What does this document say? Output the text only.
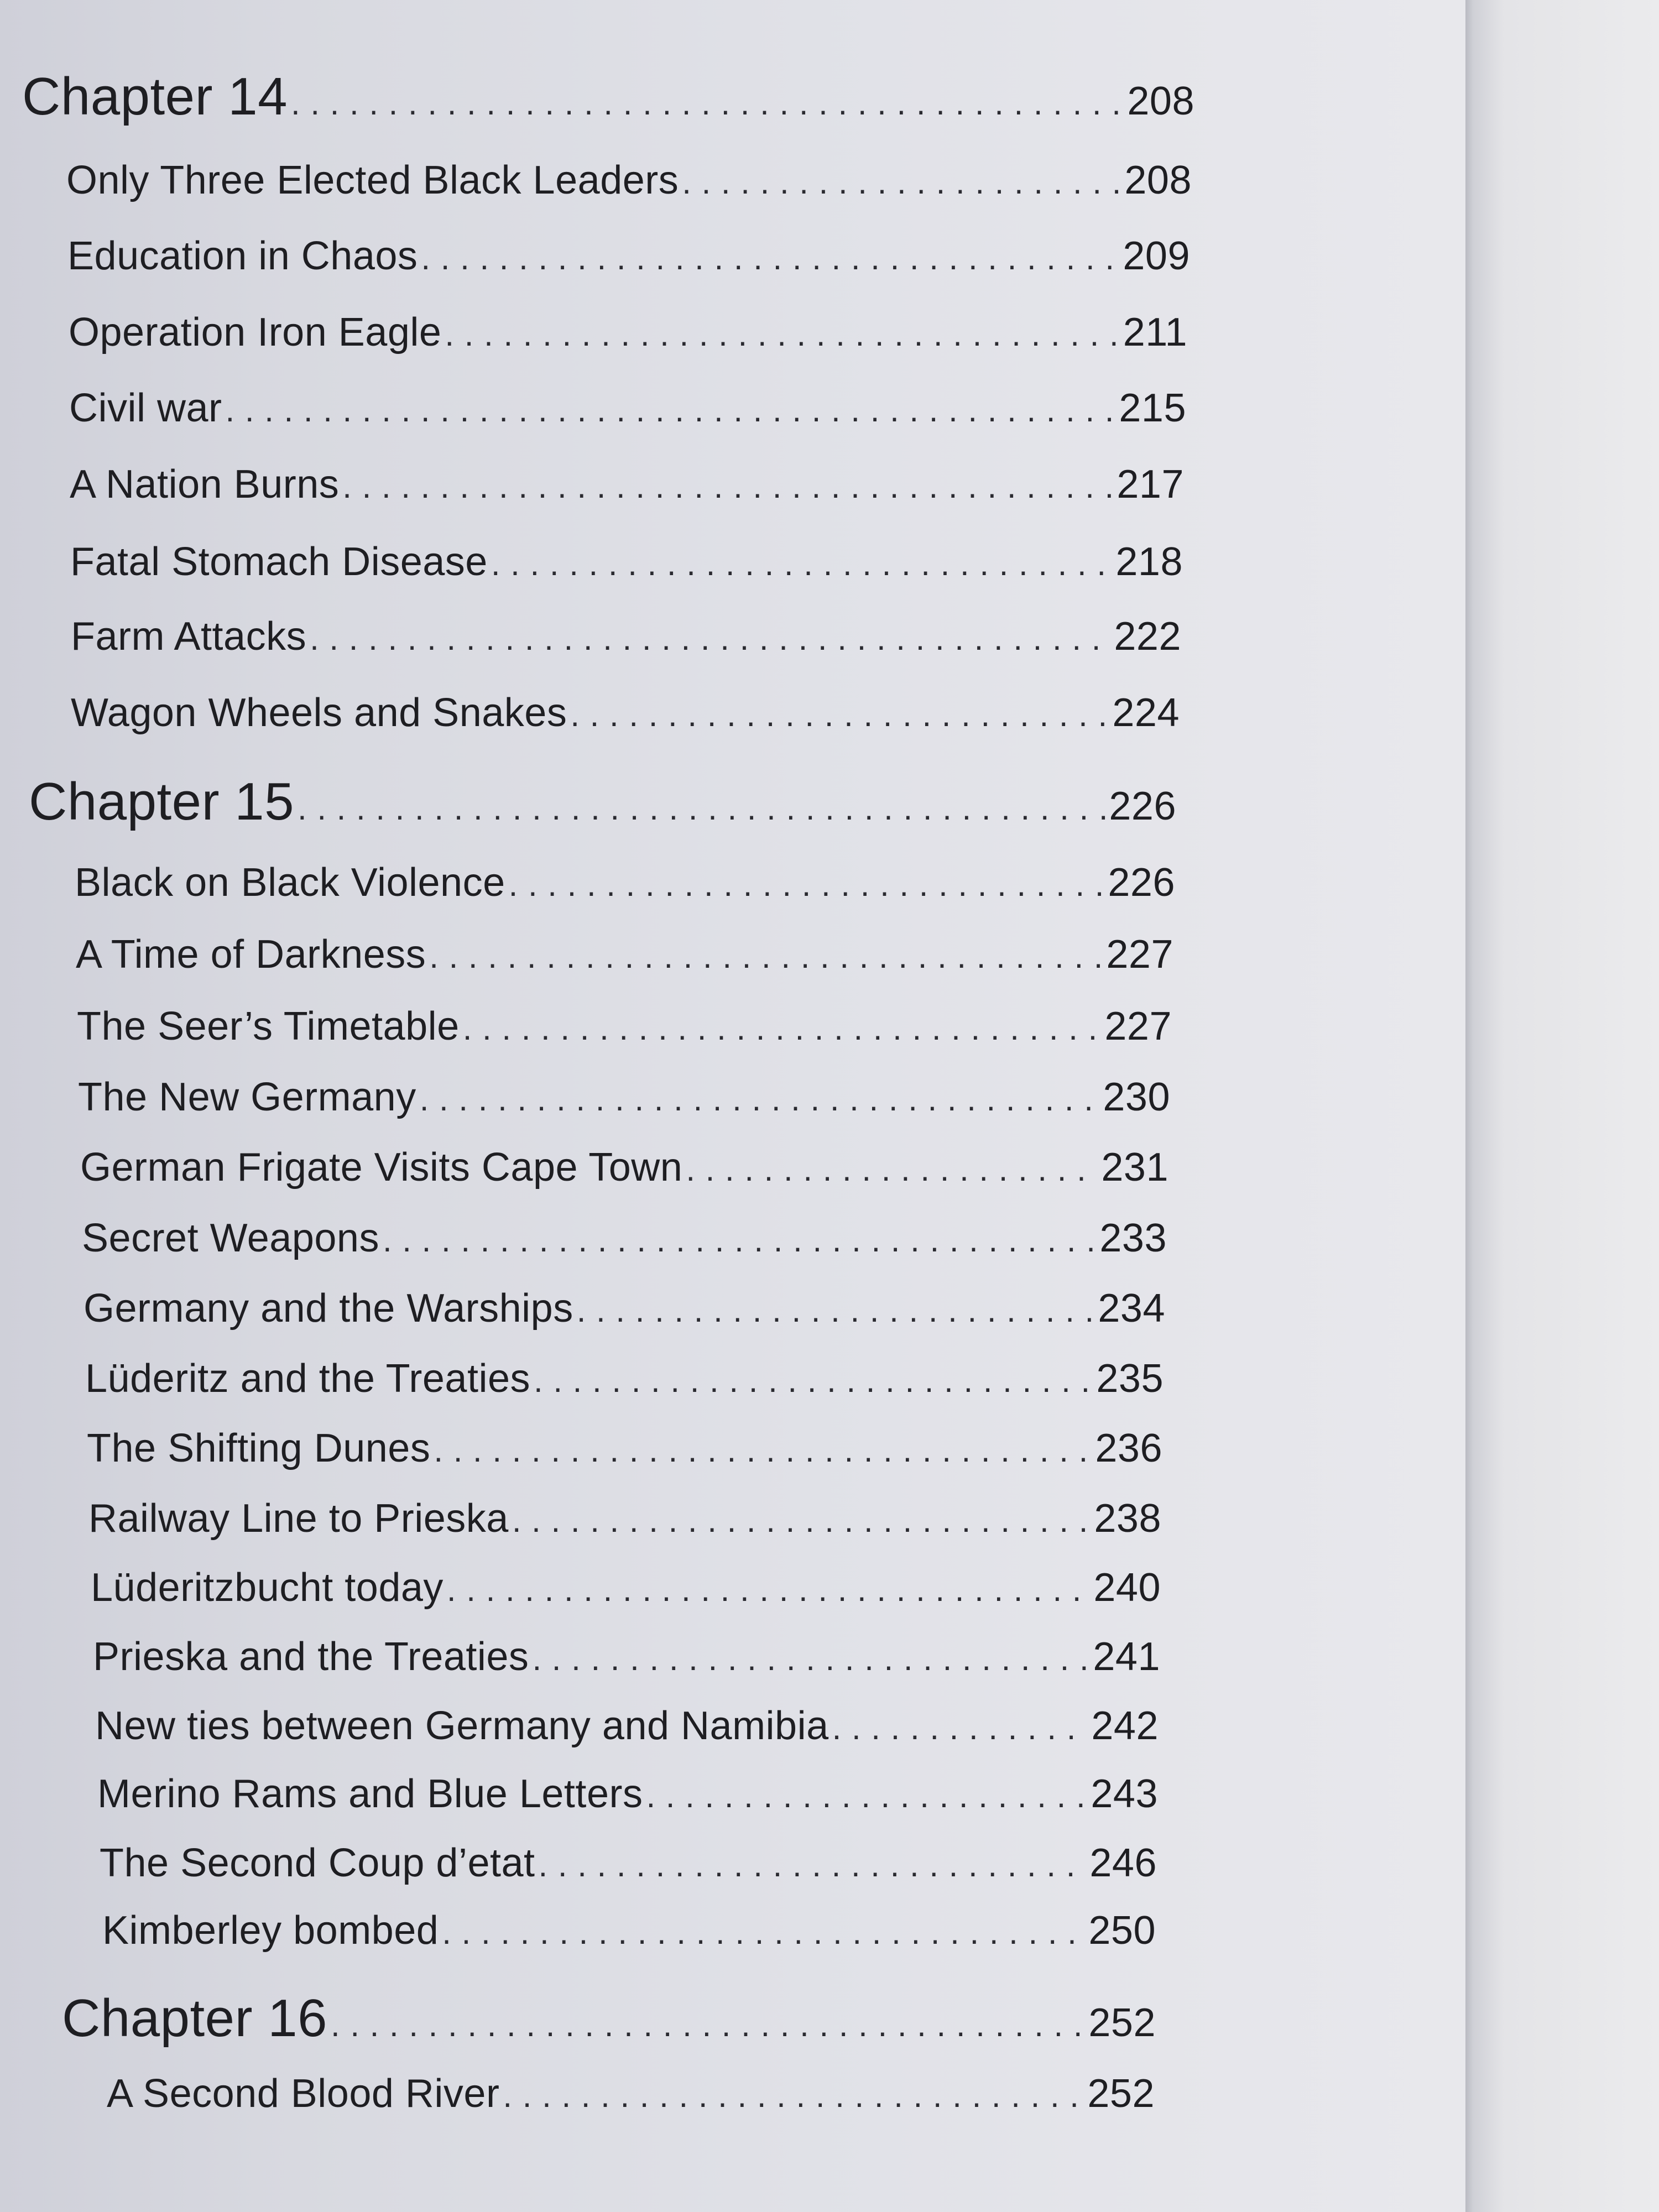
Chapter 14 . . .	208
Only Three Elected Black Leaders . . .	208
Education in Chaos . . .	209
Operation Iron Eagle . . .	211
Civil war . . .	215
A Nation Burns . . .	217
Fatal Stomach Disease . . .	218
Farm Attacks . . .	222
Wagon Wheels and Snakes . . .	224
Chapter 15 . . .	226
Black on Black Violence . . .	226
A Time of Darkness . . .	227
The Seer’s Timetable . . .	227
The New Germany . . .	230
German Frigate Visits Cape Town . . .	231
Secret Weapons . . .	233
Germany and the Warships . . .	234
Lüderitz and the Treaties . . .	235
The Shifting Dunes . . .	236
Railway Line to Prieska . . .	238
Lüderitzbucht today . . .	240
Prieska and the Treaties . . .	241
New ties between Germany and Namibia . . .	242
Merino Rams and Blue Letters . . .	243
The Second Coup d’etat . . .	246
Kimberley bombed . . .	250
Chapter 16 . . .	252
A Second Blood River . . .	252
